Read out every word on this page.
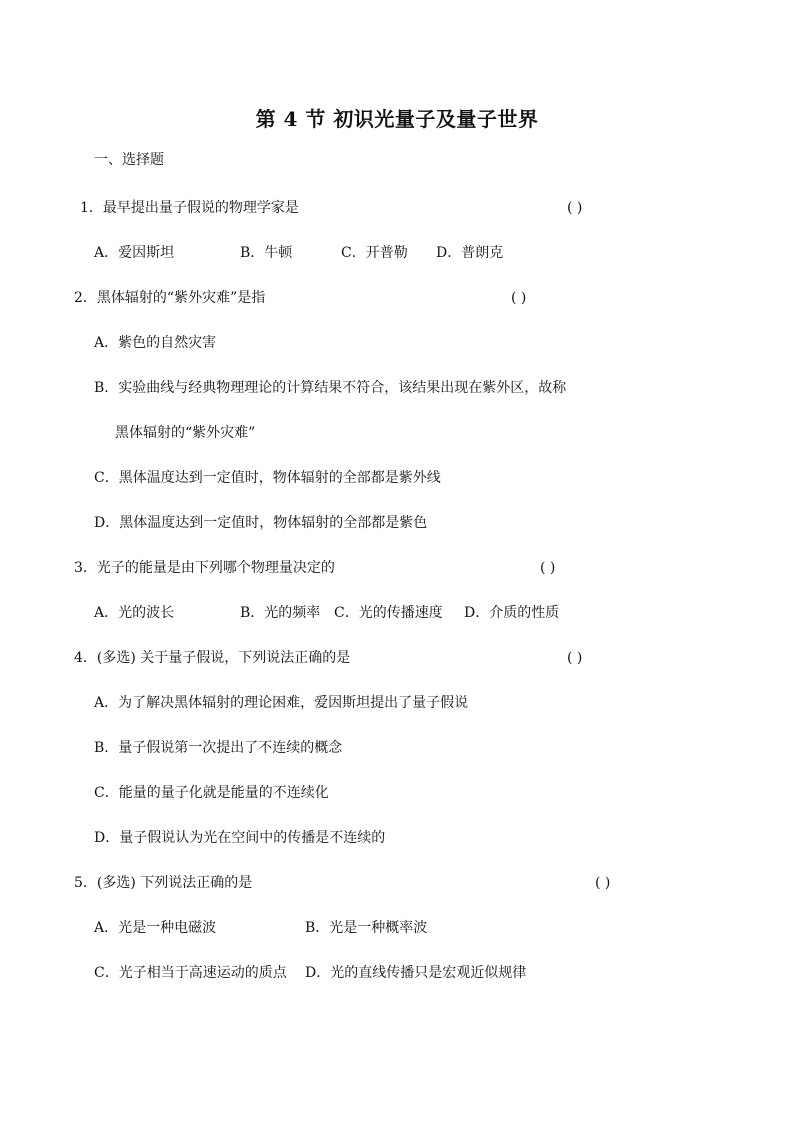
第 4 节 初识光量子及量子世界
一、选择题
1．最早提出量子假说的物理学家是	( )
A．爱因斯坦	B．牛顿	C．开普勒 D．普朗克
2．黑体辐射的“紫外灾难”是指	( )
A．紫色的自然灾害
B．实验曲线与经典物理理论的计算结果不符合，该结果出现在紫外区，故称
黑体辐射的“紫外灾难”
C．黑体温度达到一定值时，物体辐射的全部都是紫外线
D．黑体温度达到一定值时，物体辐射的全部都是紫色
3．光子的能量是由下列哪个物理量决定的	( )
A．光的波长	B．光的频率 C．光的传播速度 D．介质的性质
4．(多选) 关于量子假说，下列说法正确的是	( )
A．为了解决黑体辐射的理论困难，爱因斯坦提出了量子假说
B．量子假说第一次提出了不连续的概念
C．能量的量子化就是能量的不连续化
D．量子假说认为光在空间中的传播是不连续的
5．(多选) 下列说法正确的是	( )
A．光是一种电磁波	B．光是一种概率波
C．光子相当于高速运动的质点 D．光的直线传播只是宏观近似规律
